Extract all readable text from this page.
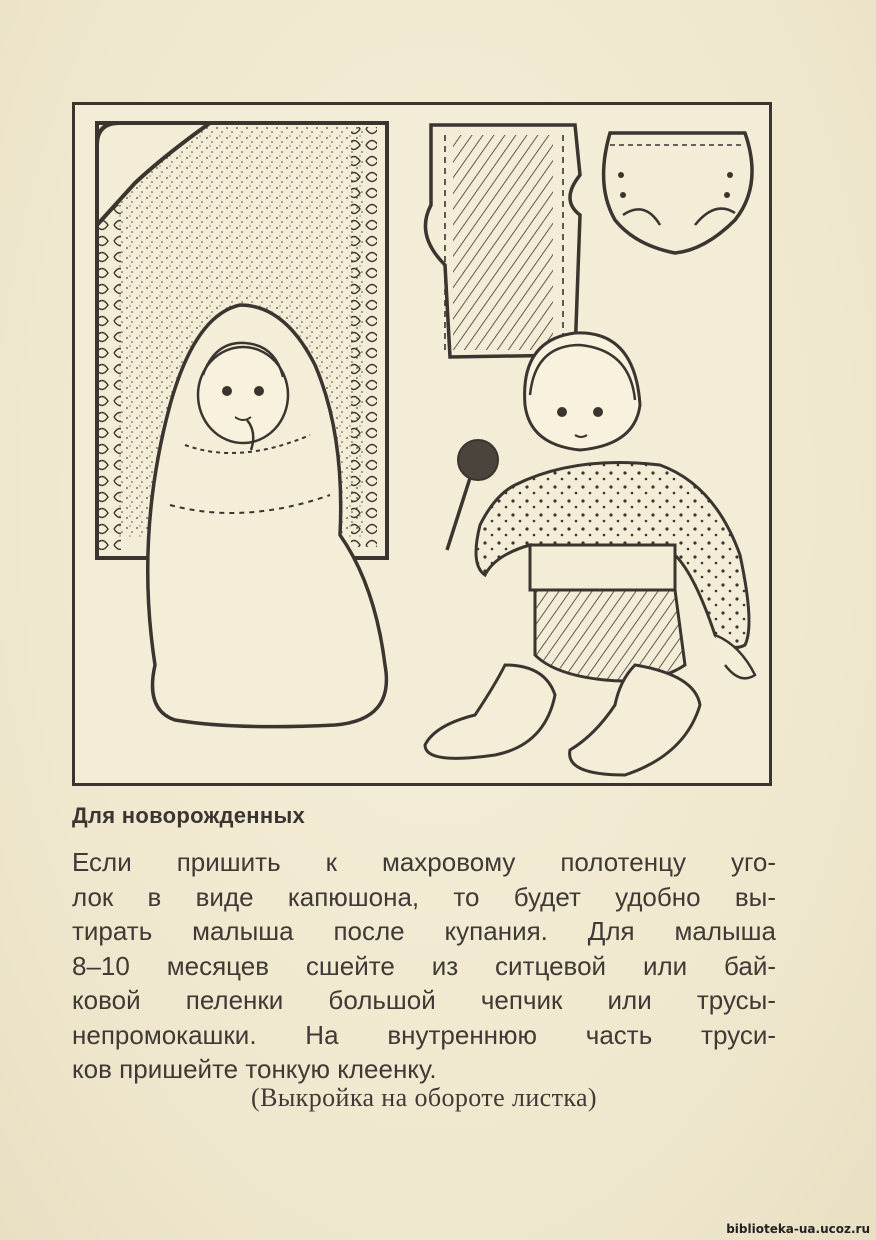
Для новорожденных
Если пришить к махровому полотенцу уго-
лок в виде капюшона, то будет удобно вы-
тирать малыша после купания. Для малыша
8–10 месяцев сшейте из ситцевой или бай-
ковой пеленки большой чепчик или трусы-
непромокашки. На внутреннюю часть труси-
ков пришейте тонкую клеенку.
(Выкройка на обороте листка)
biblioteka-ua.ucoz.ru
